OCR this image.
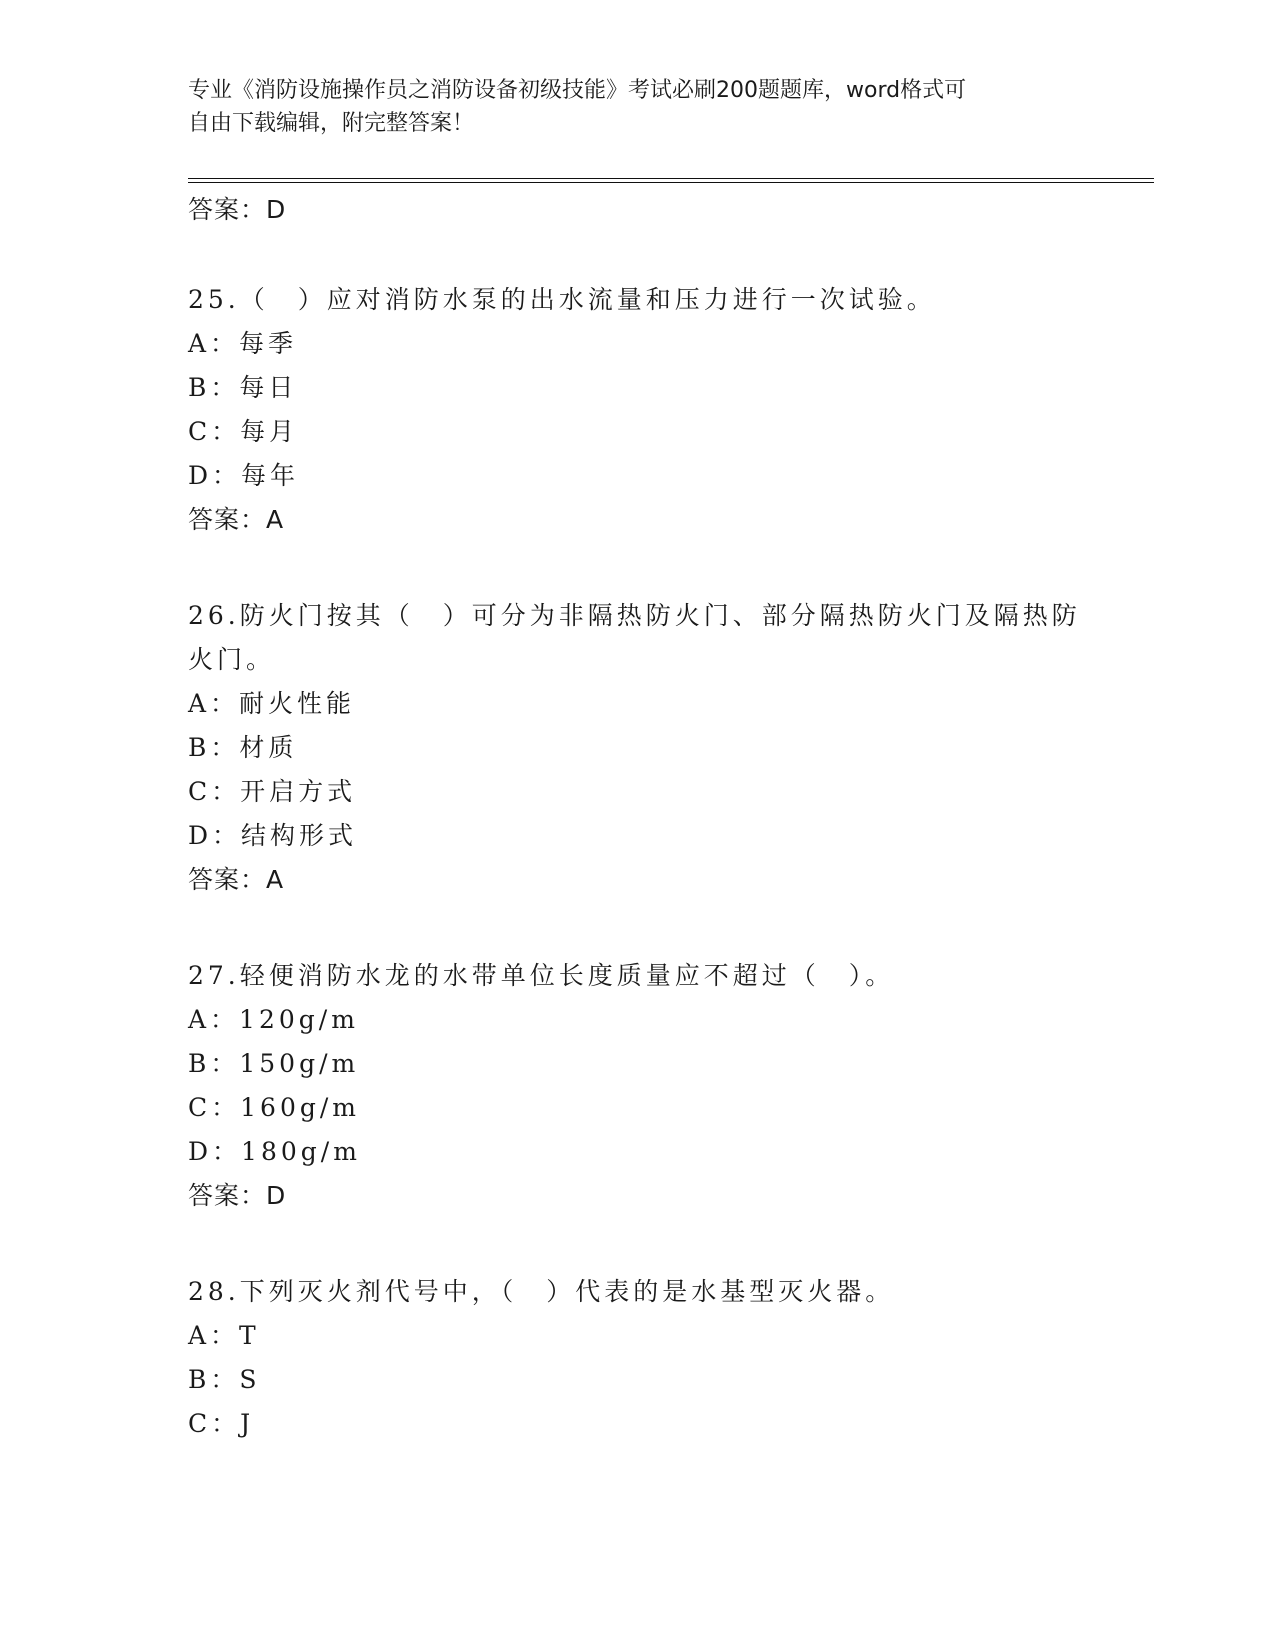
专业《消防设施操作员之消防设备初级技能》考试必刷200题题库，word格式可
自由下载编辑，附完整答案！
答案：D
25.（　）应对消防水泵的出水流量和压力进行一次试验。
A：每季
B：每日
C：每月
D：每年
答案：A
26.防火门按其（　）可分为非隔热防火门、部分隔热防火门及隔热防
火门。
A：耐火性能
B：材质
C：开启方式
D：结构形式
答案：A
27.轻便消防水龙的水带单位长度质量应不超过（　）。
A：120g/m
B：150g/m
C：160g/m
D：180g/m
答案：D
28.下列灭火剂代号中，（　）代表的是水基型灭火器。
A：T
B：S
C：J
